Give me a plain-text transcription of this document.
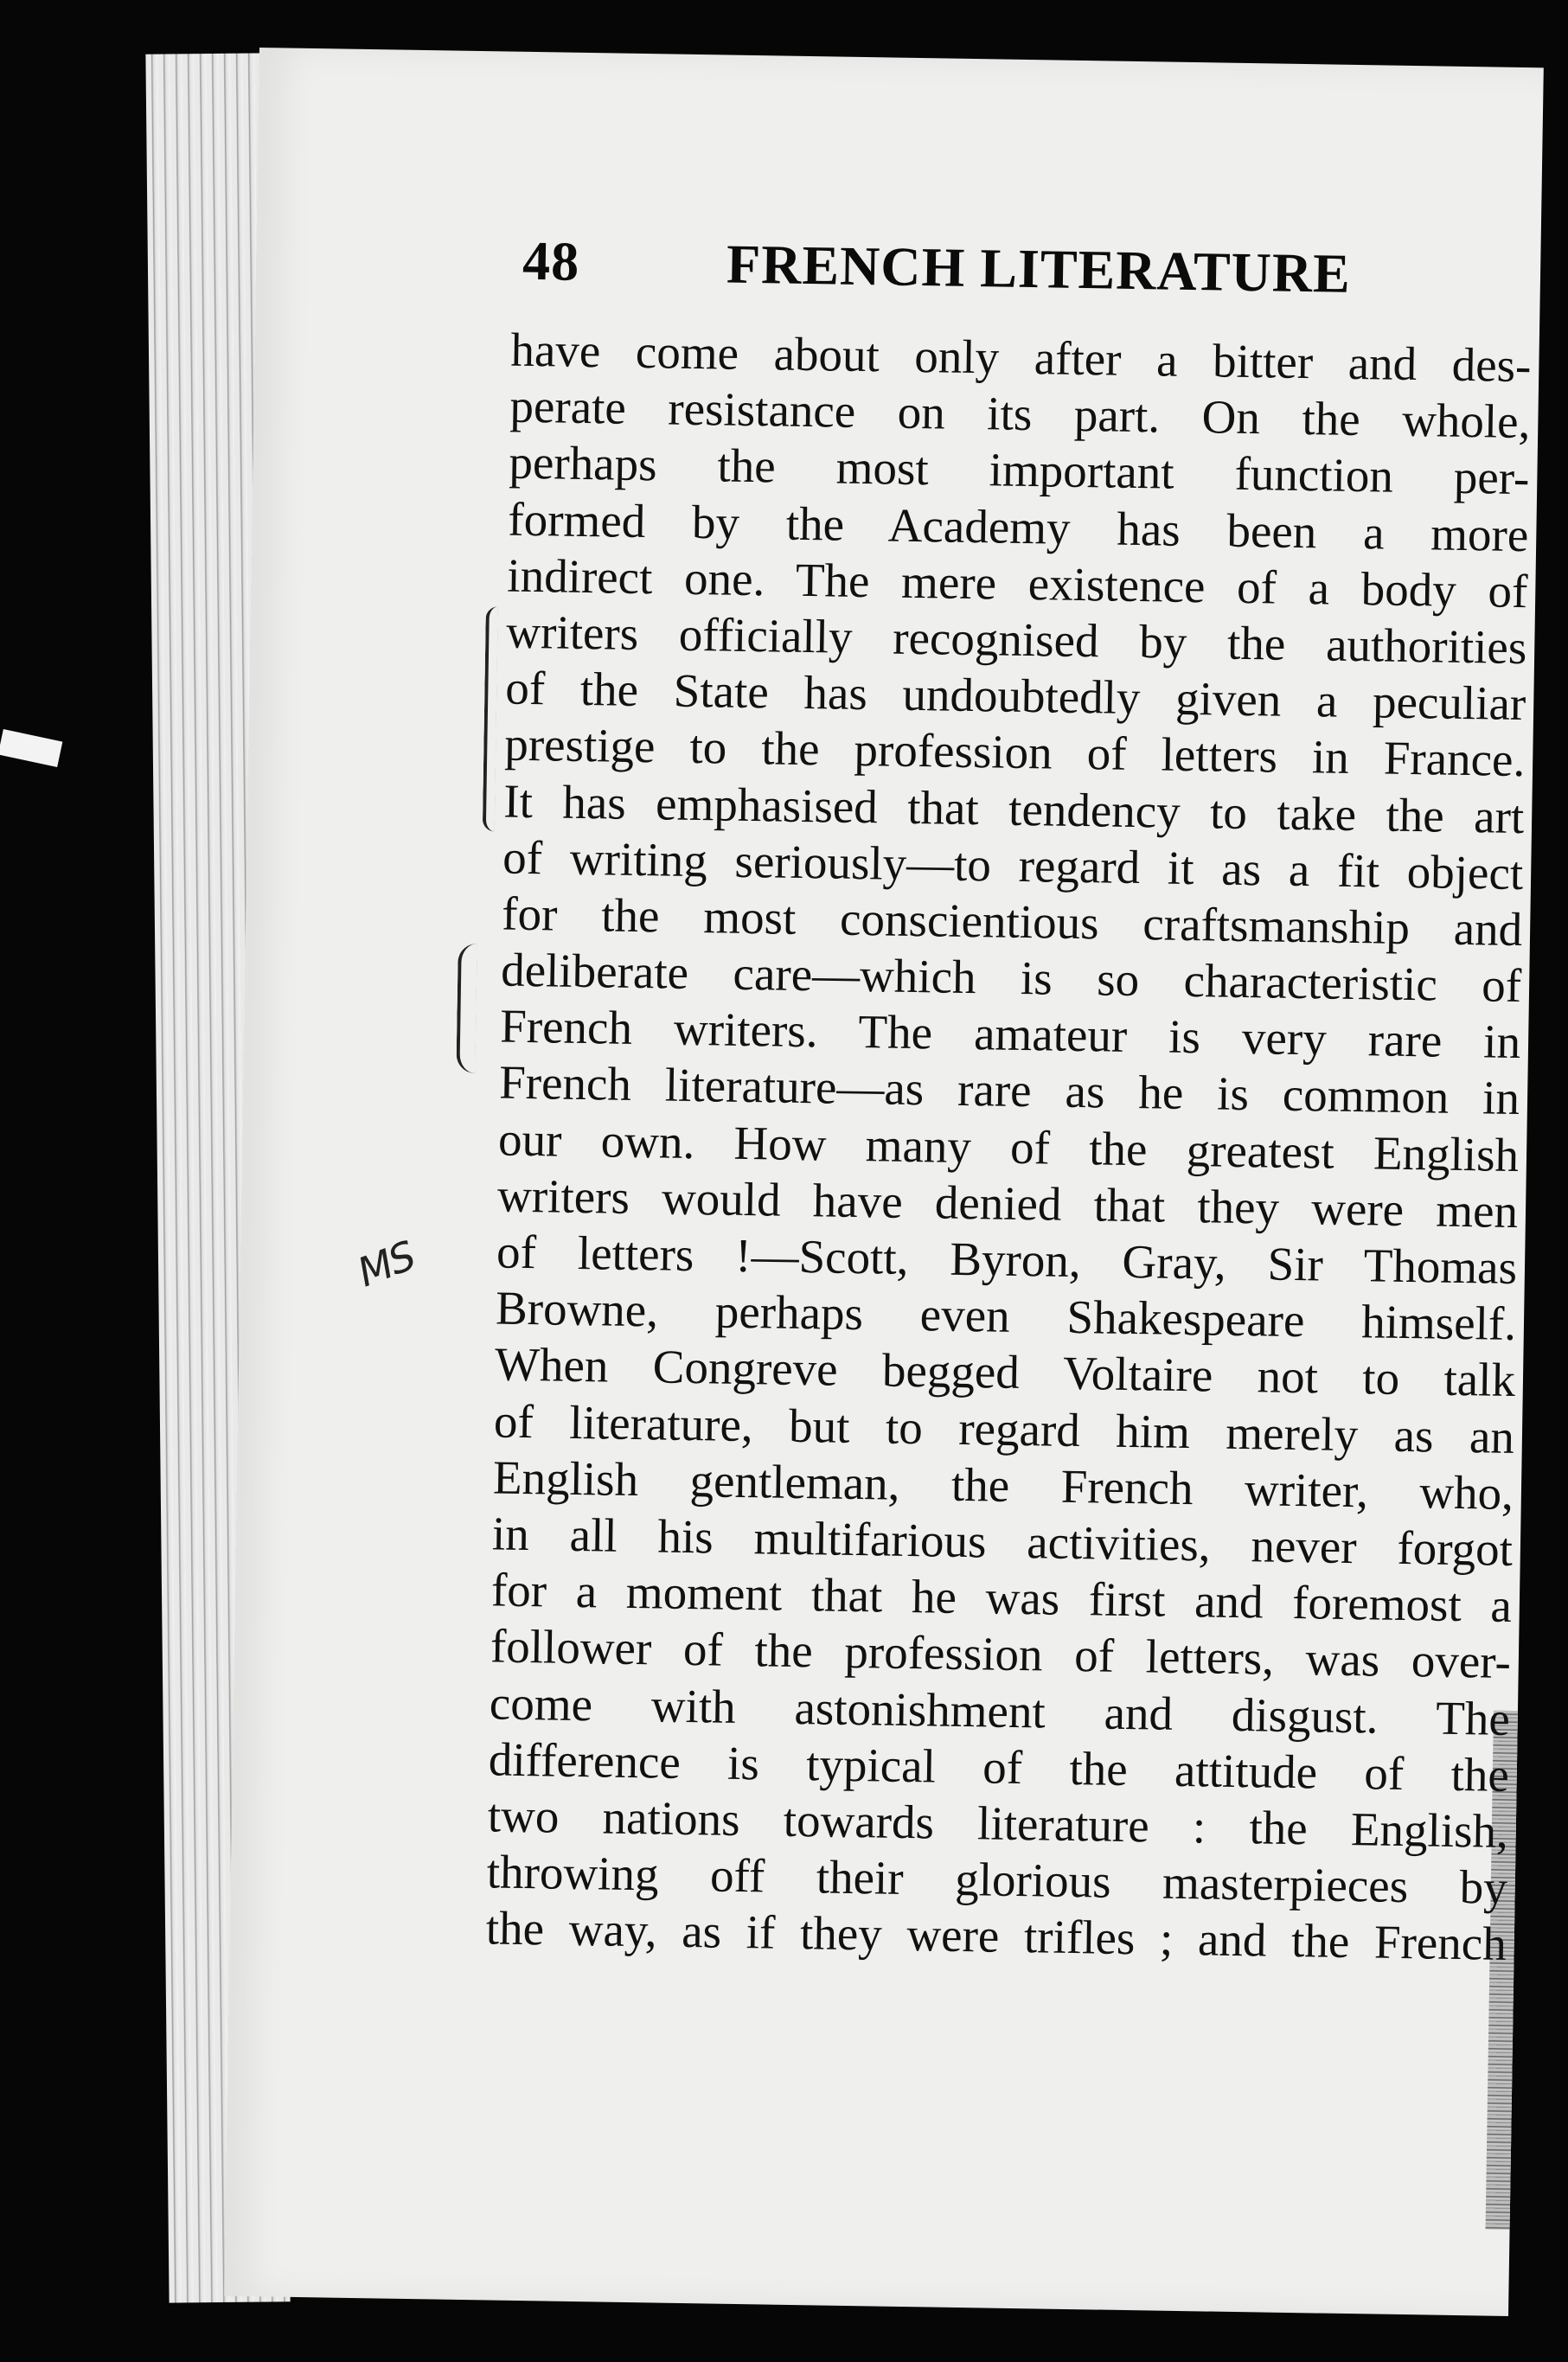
48	FRENCH LITERATURE
have come about only after a bitter and des-
perate resistance on its part. On the whole,
perhaps the most important function per-
formed by the Academy has been a more
indirect one. The mere existence of a body of
writers officially recognised by the authorities
of the State has undoubtedly given a peculiar
prestige to the profession of letters in France.
It has emphasised that tendency to take the art
of writing seriously—to regard it as a fit object
for the most conscientious craftsmanship and
deliberate care—which is so characteristic of
French writers. The amateur is very rare in
French literature—as rare as he is common in
our own. How many of the greatest English
writers would have denied that they were men
of letters !—Scott, Byron, Gray, Sir Thomas
Browne, perhaps even Shakespeare himself.
When Congreve begged Voltaire not to talk
of literature, but to regard him merely as an
English gentleman, the French writer, who,
in all his multifarious activities, never forgot
for a moment that he was first and foremost a
follower of the profession of letters, was over-
come with astonishment and disgust. The
difference is typical of the attitude of the
two nations towards literature : the English,
throwing off their glorious masterpieces by
the way, as if they were trifles ; and the French
MS
